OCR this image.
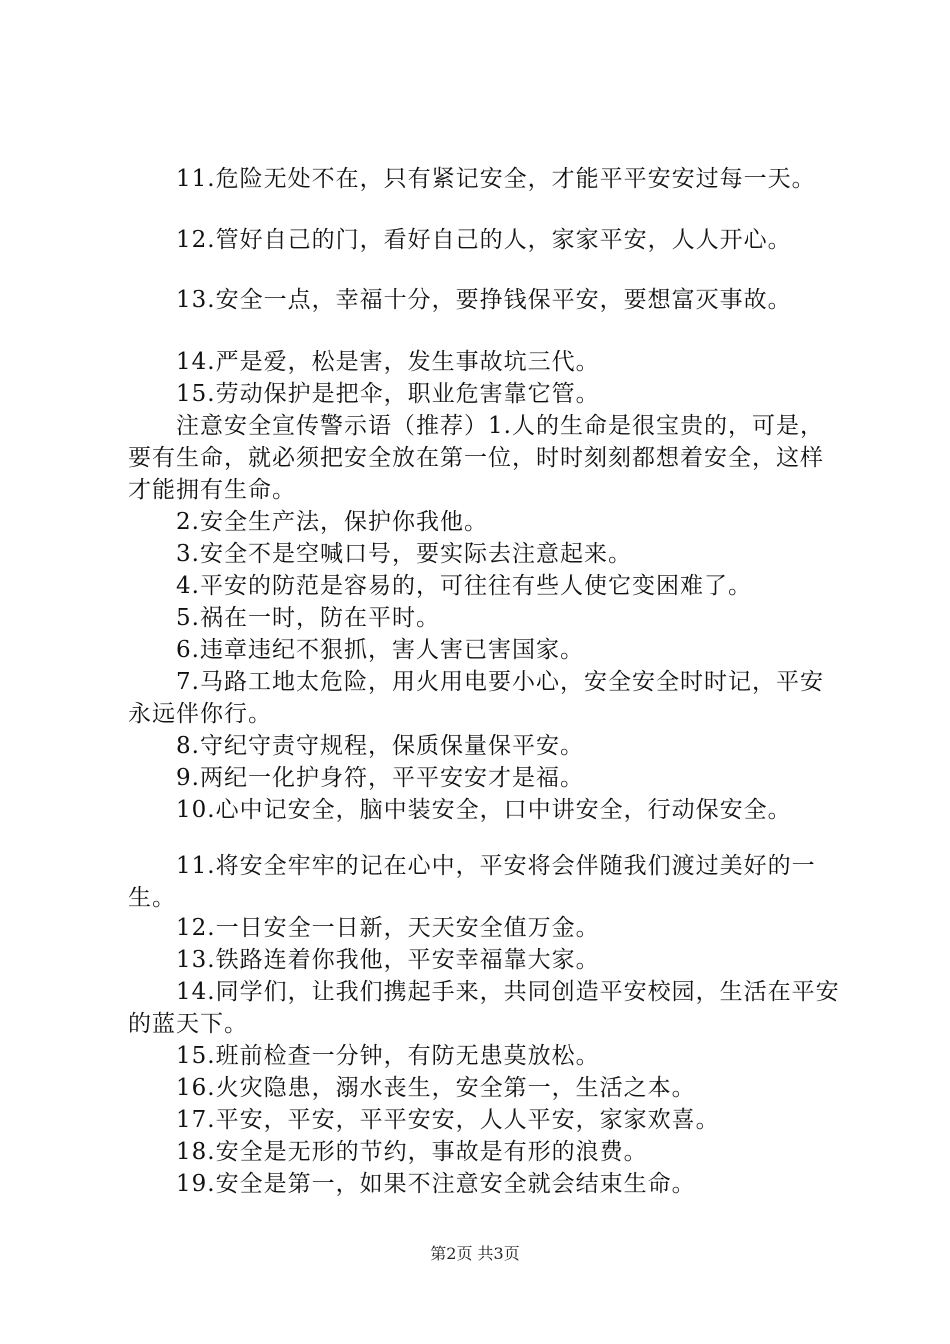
11.危险无处不在，只有紧记安全，才能平平安安过每一天。

12.管好自己的门，看好自己的人，家家平安，人人开心。

13.安全一点，幸福十分，要挣钱保平安，要想富灭事故。

14.严是爱，松是害，发生事故坑三代。

15.劳动保护是把伞，职业危害靠它管。

注意安全宣传警示语（推荐）1.人的生命是很宝贵的，可是，要有生命，就必须把安全放在第一位，时时刻刻都想着安全，这样才能拥有生命。

2.安全生产法，保护你我他。

3.安全不是空喊口号，要实际去注意起来。

4.平安的防范是容易的，可往往有些人使它变困难了。

5.祸在一时，防在平时。

6.违章违纪不狠抓，害人害已害国家。

7.马路工地太危险，用火用电要小心，安全安全时时记，平安永远伴你行。

8.守纪守责守规程，保质保量保平安。

9.两纪一化护身符，平平安安才是福。

10.心中记安全，脑中装安全，口中讲安全，行动保安全。

11.将安全牢牢的记在心中，平安将会伴随我们渡过美好的一生。

12.一日安全一日新，天天安全值万金。

13.铁路连着你我他，平安幸福靠大家。

14.同学们，让我们携起手来，共同创造平安校园，生活在平安的蓝天下。

15.班前检查一分钟，有防无患莫放松。

16.火灾隐患，溺水丧生，安全第一，生活之本。

17.平安，平安，平平安安，人人平安，家家欢喜。

18.安全是无形的节约，事故是有形的浪费。

19.安全是第一，如果不注意安全就会结束生命。

第2页 共3页
